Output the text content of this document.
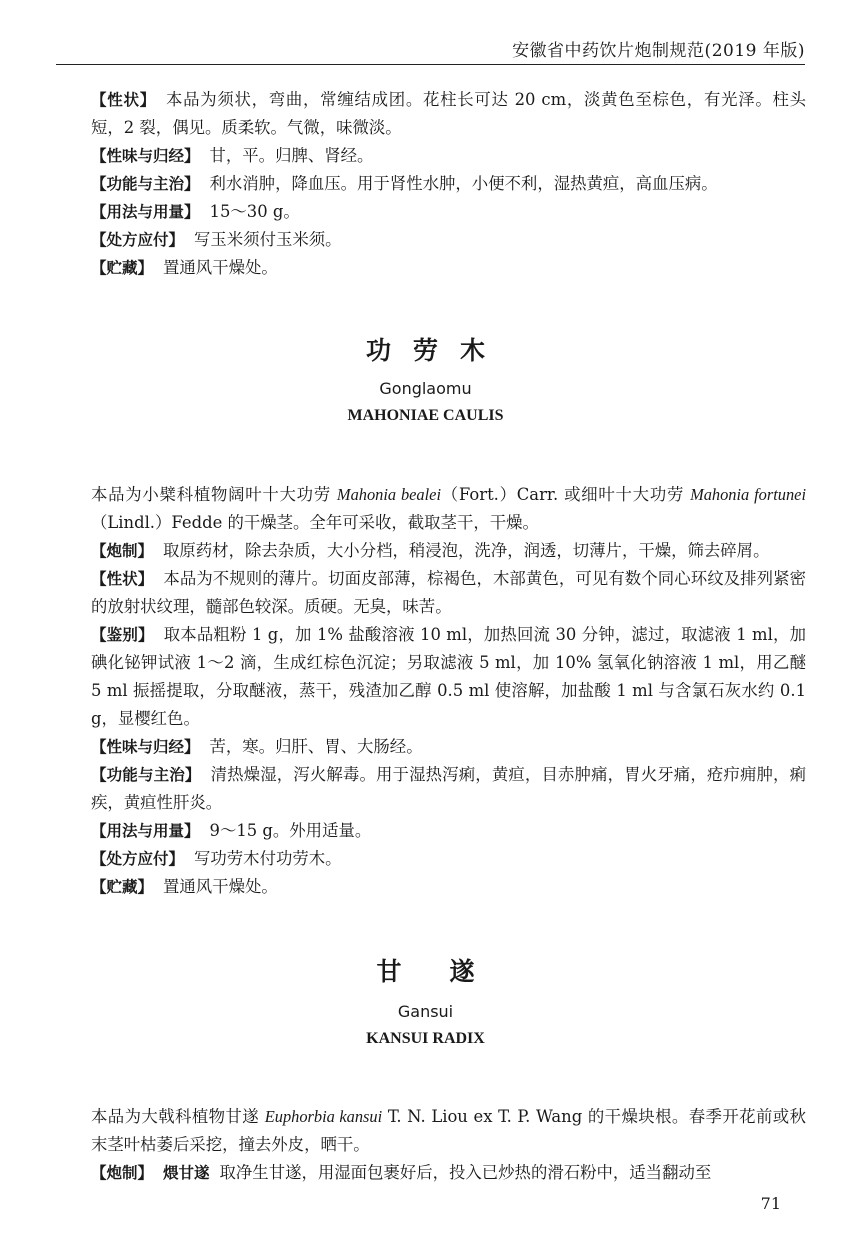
安徽省中药饮片炮制规范(2019 年版)

【性状】 本品为须状，弯曲，常缠结成团。花柱长可达 20 cm，淡黄色至棕色，有光泽。柱头短，2 裂，偶见。质柔软。气微，味微淡。

【性味与归经】 甘，平。归脾、肾经。

【功能与主治】 利水消肿，降血压。用于肾性水肿，小便不利，湿热黄疸，高血压病。

【用法与用量】 15～30 g。

【处方应付】 写玉米须付玉米须。

【贮藏】 置通风干燥处。

功劳木
Gonglaomu
MAHONIAE CAULIS

本品为小檗科植物阔叶十大功劳 Mahonia bealei（Fort.）Carr. 或细叶十大功劳 Mahonia fortunei（Lindl.）Fedde 的干燥茎。全年可采收，截取茎干，干燥。

【炮制】 取原药材，除去杂质，大小分档，稍浸泡，洗净，润透，切薄片，干燥，筛去碎屑。

【性状】 本品为不规则的薄片。切面皮部薄，棕褐色，木部黄色，可见有数个同心环纹及排列紧密的放射状纹理，髓部色较深。质硬。无臭，味苦。

【鉴别】 取本品粗粉 1 g，加 1% 盐酸溶液 10 ml，加热回流 30 分钟，滤过，取滤液 1 ml，加碘化铋钾试液 1～2 滴，生成红棕色沉淀；另取滤液 5 ml，加 10% 氢氧化钠溶液 1 ml，用乙醚 5 ml 振摇提取，分取醚液，蒸干，残渣加乙醇 0.5 ml 使溶解，加盐酸 1 ml 与含氯石灰水约 0.1 g，显樱红色。

【性味与归经】 苦，寒。归肝、胃、大肠经。

【功能与主治】 清热燥湿，泻火解毒。用于湿热泻痢，黄疸，目赤肿痛，胃火牙痛，疮疖痈肿，痢疾，黄疸性肝炎。

【用法与用量】 9～15 g。外用适量。

【处方应付】 写功劳木付功劳木。

【贮藏】 置通风干燥处。

甘遂
Gansui
KANSUI RADIX

本品为大戟科植物甘遂 Euphorbia kansui T. N. Liou ex T. P. Wang 的干燥块根。春季开花前或秋末茎叶枯萎后采挖，撞去外皮，晒干。

【炮制】 煨甘遂 取净生甘遂，用湿面包裹好后，投入已炒热的滑石粉中，适当翻动至

71
